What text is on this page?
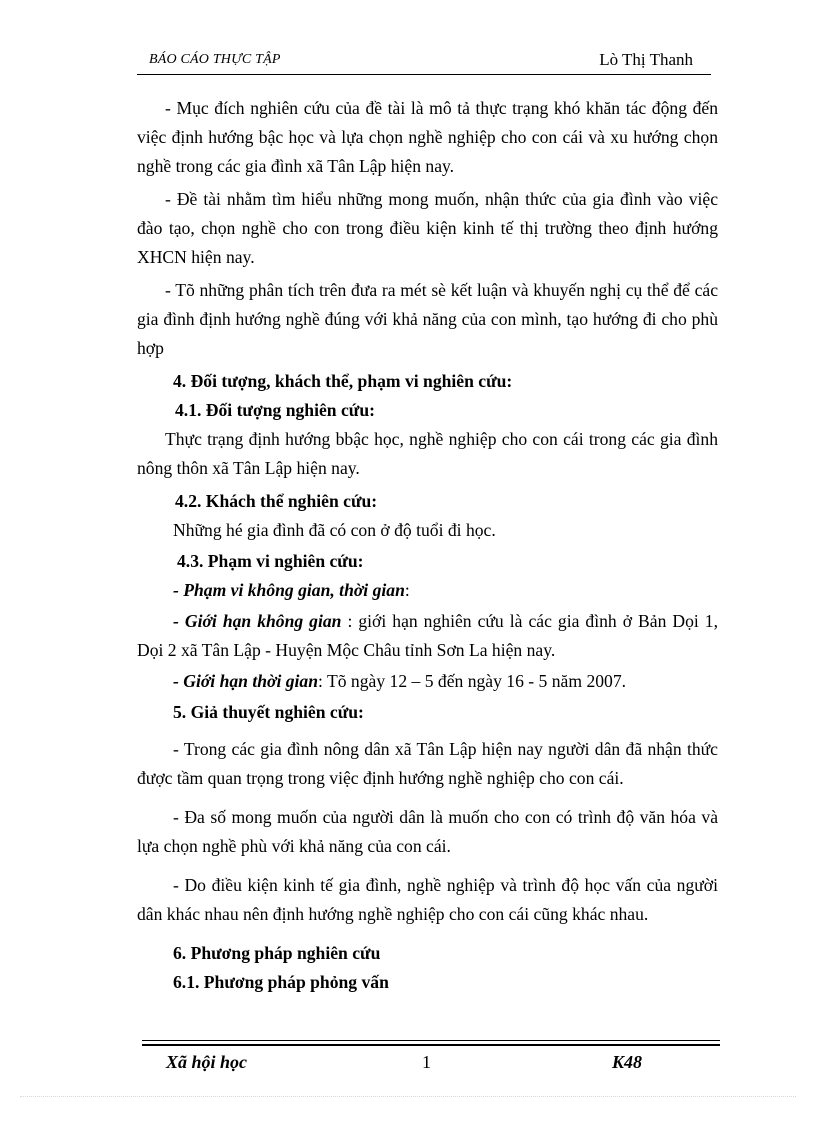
BÁO CÁO THỰC TẬP	Lò Thị Thanh

- Mục đích nghiên cứu của đề tài là mô tả thực trạng khó khăn tác động đến việc định hướng bậc học và lựa chọn nghề nghiệp cho con cái và xu hướng chọn nghề trong các gia đình xã Tân Lập hiện nay.

- Đề tài nhằm tìm hiểu những mong muốn, nhận thức của gia đình vào việc đào tạo, chọn nghề cho con trong điều kiện kinh tế thị trường theo định hướng XHCN hiện nay.

- Tõ những phân tích trên đưa ra mét sè kết luận và khuyến nghị cụ thể để các gia đình định hướng nghề đúng với khả năng của con mình, tạo hướng đi cho phù hợp

4. Đối tượng, khách thể, phạm vi nghiên cứu:
4.1. Đối tượng nghiên cứu:

Thực trạng định hướng bbậc học, nghề nghiệp cho con cái trong các gia đình nông thôn xã Tân Lập hiện nay.

4.2. Khách thể nghiên cứu:

Những hé gia đình đã có con ở độ tuổi đi học.

4.3. Phạm vi nghiên cứu:

- Phạm vi không gian, thời gian:

- Giới hạn không gian : giới hạn nghiên cứu là các gia đình ở Bản Dọi 1, Dọi 2 xã Tân Lập - Huyện Mộc Châu tỉnh Sơn La hiện nay.

- Giới hạn thời gian: Tõ ngày 12 – 5 đến ngày 16 - 5 năm 2007.

5. Giả thuyết nghiên cứu:

- Trong các gia đình nông dân xã Tân Lập hiện nay người dân đã nhận thức được tầm quan trọng trong việc định hướng nghề nghiệp cho con cái.

- Đa số mong muốn của người dân là muốn cho con có trình độ văn hóa và lựa chọn nghề phù với khả năng của con cái.

- Do điều kiện kinh tế gia đình, nghề nghiệp và trình độ học vấn của người dân khác nhau nên định hướng nghề nghiệp cho con cái cũng khác nhau.

6. Phương pháp nghiên cứu
6.1. Phương pháp phỏng vấn
Xã hội học	1	K48
